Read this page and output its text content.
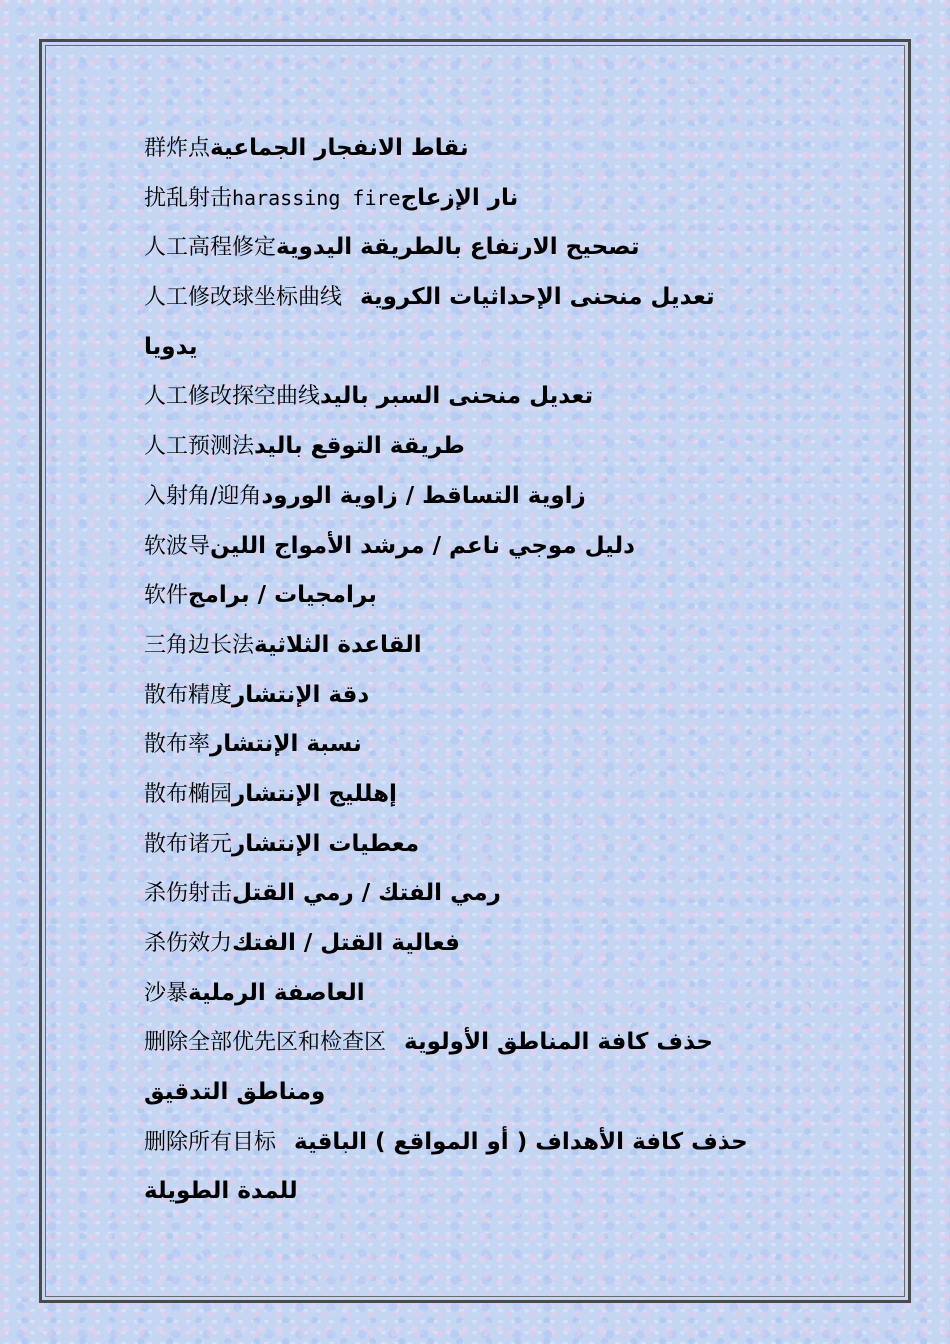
群炸点نقاط الانفجار الجماعية
扰乱射击harassing fireنار الإزعاج
人工高程修定تصحيح الارتفاع بالطريقة اليدوية
人工修改球坐标曲线 تعديل منحنى الإحداثيات الكروية
يدويا
人工修改探空曲线تعديل منحنى السبر باليد
人工预测法طريقة التوقع باليد
入射角/迎角زاوية التساقط / زاوية الورود
软波导دليل موجي ناعم / مرشد الأمواج اللين
软件برامجيات / برامج
三角边长法القاعدة الثلاثية
散布精度دقة الإنتشار
散布率نسبة الإنتشار
散布椭园إهلليج الإنتشار
散布诸元معطيات الإنتشار
杀伤射击رمي الفتك / رمي القتل
杀伤效力فعالية القتل / الفتك
沙暴العاصفة الرملية
删除全部优先区和检查区 حذف كافة المناطق الأولوية
ومناطق التدقيق
删除所有目标 حذف كافة الأهداف ( أو المواقع ) الباقية
للمدة الطويلة
